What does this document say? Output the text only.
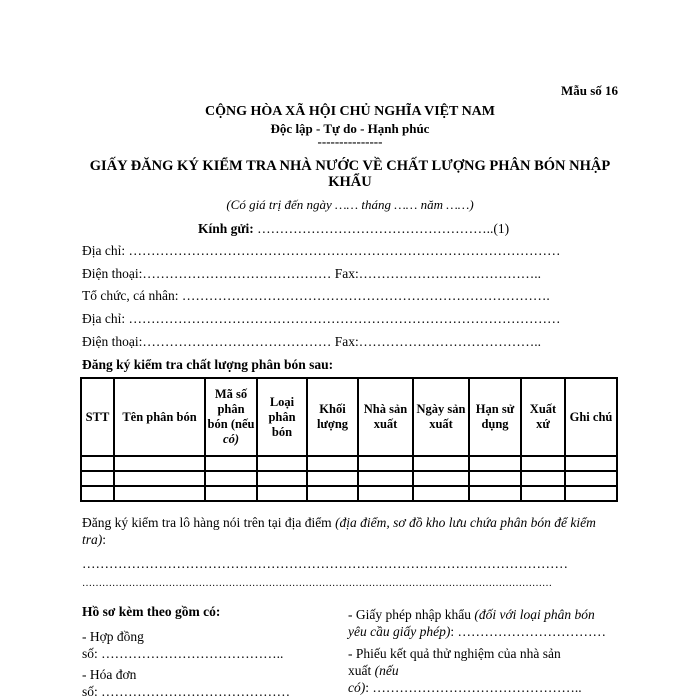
Mẫu số 16
CỘNG HÒA XÃ HỘI CHỦ NGHĨA VIỆT NAM
Độc lập - Tự do - Hạnh phúc
---------------
GIẤY ĐĂNG KÝ KIỂM TRA NHÀ NƯỚC VỀ CHẤT LƯỢNG PHÂN BÓN NHẬP
KHẨU
(Có giá trị đến ngày …… tháng …… năm ……)
Kính gửi: ……………………………………………..(1)
Địa chỉ: ……………………………………………………………………………………
Điện thoại:…………………………………… Fax:…………………………………..
Tổ chức, cá nhân: ……………………………………………………………………….
Địa chỉ: ……………………………………………………………………………………
Điện thoại:…………………………………… Fax:…………………………………..
Đăng ký kiểm tra chất lượng phân bón sau:
STT	Tên phân bón	Mã số
phân
bón (nếu
có)	Loại
phân
bón	Khối
lượng	Nhà sản
xuất	Ngày sản
xuất	Hạn sử
dụng	Xuất
xứ	Ghi chú

Đăng ký kiểm tra lô hàng nói trên tại địa điểm (địa điểm, sơ đồ kho lưu chứa phân bón để kiểm
tra):
………………………………………………………………………………………………
……………………………………………………………………………………………………………………………
Hồ sơ kèm theo gồm có:
- Hợp đồng
số: …………………………………..
- Hóa đơn
số: ……………………………………
- Giấy phép nhập khẩu (đối với loại phân bón
yêu cầu giấy phép): ……………………………
- Phiếu kết quả thử nghiệm của nhà sản
xuất (nếu
có): ………………………………………..
